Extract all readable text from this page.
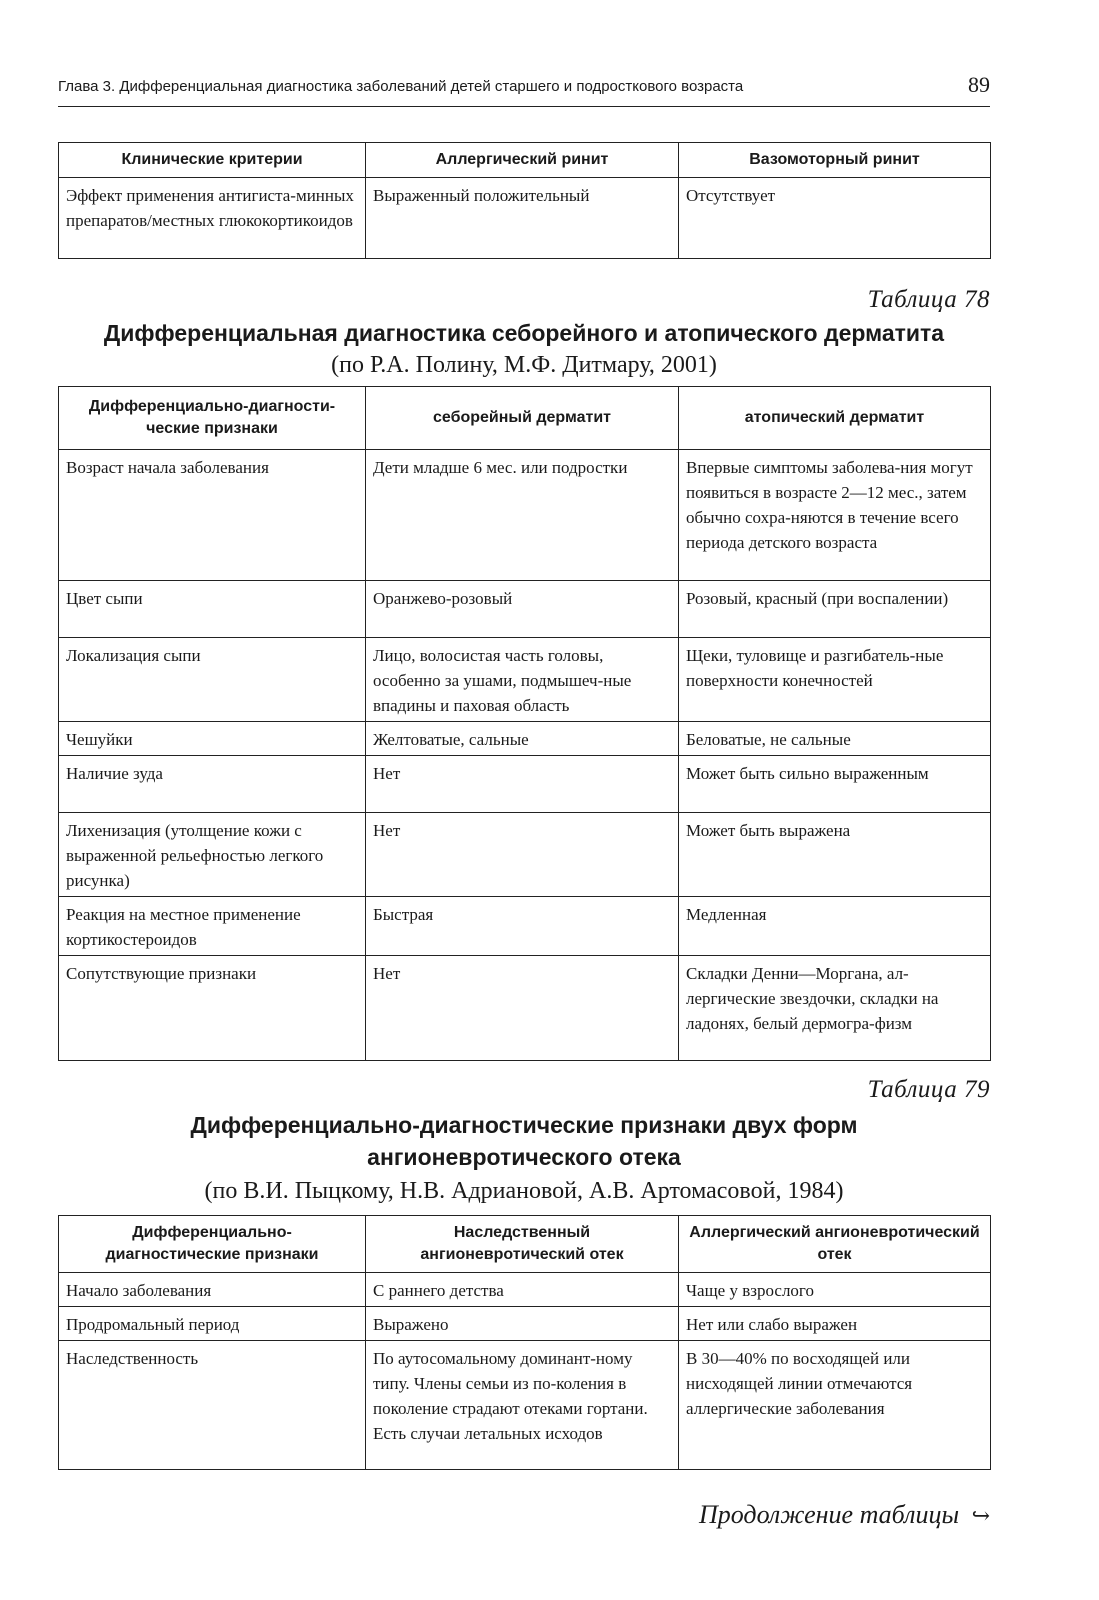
Глава 3. Дифференциальная диагностика заболеваний детей старшего и подросткового возраста	89
Клинические критерии	Аллергический ринит	Вазомоторный ринит
Эффект применения антигиста-минных препаратов/местных глюкокортикоидов	Выраженный положительный	Отсутствует
Таблица 78
Дифференциальная диагностика себорейного и атопического дерматита
(по Р.А. Полину, М.Ф. Дитмару, 2001)
Дифференциально-диагности-ческие признаки	себорейный дерматит	атопический дерматит
Возраст начала заболевания	Дети младше 6 мес. или подростки	Впервые симптомы заболева-ния могут появиться в возрасте 2—12 мес., затем обычно сохра-няются в течение всего периода детского возраста
Цвет сыпи	Оранжево-розовый	Розовый, красный (при воспалении)
Локализация сыпи	Лицо, волосистая часть головы, особенно за ушами, подмышеч-ные впадины и паховая область	Щеки, туловище и разгибатель-ные поверхности конечностей
Чешуйки	Желтоватые, сальные	Беловатые, не сальные
Наличие зуда	Нет	Может быть сильно выраженным
Лихенизация (утолщение кожи с выраженной рельефностью легкого рисунка)	Нет	Может быть выражена
Реакция на местное применение кортикостероидов	Быстрая	Медленная
Сопутствующие признаки	Нет	Складки Денни—Моргана, ал-лергические звездочки, складки на ладонях, белый дермогра-физм
Таблица 79
Дифференциально-диагностические признаки двух форм
ангионевротического отека
(по В.И. Пыцкому, Н.В. Адриановой, А.В. Артомасовой, 1984)
Дифференциально-диагностические признаки	Наследственный ангионевротический отек	Аллергический ангионевротический отек
Начало заболевания	С раннего детства	Чаще у взрослого
Продромальный период	Выражено	Нет или слабо выражен
Наследственность	По аутосомальному доминант-ному типу. Члены семьи из по-коления в поколение страдают отеками гортани. Есть случаи летальных исходов	В 30—40% по восходящей или нисходящей линии отмечаются аллергические заболевания
Продолжение таблицы ↪
